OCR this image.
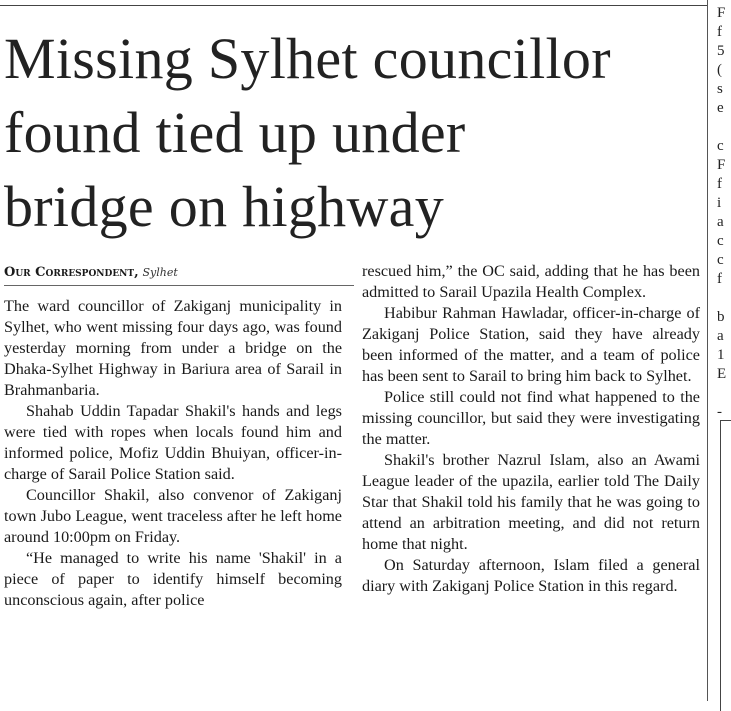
Missing Sylhet councillor
found tied up under
bridge on highway
Our Correspondent, Sylhet

The ward councillor of Zakiganj municipality in Sylhet, who went missing four days ago, was found yesterday morning from under a bridge on the Dhaka-Sylhet Highway in Bariura area of Sarail in Brahmanbaria.

Shahab Uddin Tapadar Shakil's hands and legs were tied with ropes when locals found him and informed police, Mofiz Uddin Bhuiyan, officer-in-charge of Sarail Police Station said.

Councillor Shakil, also convenor of Zakiganj town Jubo League, went traceless after he left home around 10:00pm on Friday.

“He managed to write his name 'Shakil' in a piece of paper to identify himself becoming unconscious again, after police

rescued him,” the OC said, adding that he has been admitted to Sarail Upazila Health Complex.

Habibur Rahman Hawladar, officer-in-charge of Zakiganj Police Station, said they have already been informed of the matter, and a team of police has been sent to Sarail to bring him back to Sylhet.

Police still could not find what happened to the missing councillor, but said they were investigating the matter.

Shakil's brother Nazrul Islam, also an Awami League leader of the upazila, earlier told The Daily Star that Shakil told his family that he was going to attend an arbitration meeting, and did not return home that night.

On Saturday afternoon, Islam filed a general diary with Zakiganj Police Station in this regard.

F
f
5
(
s
e
c
F
f
i
a
c
c
f
b
a
1
E
-
